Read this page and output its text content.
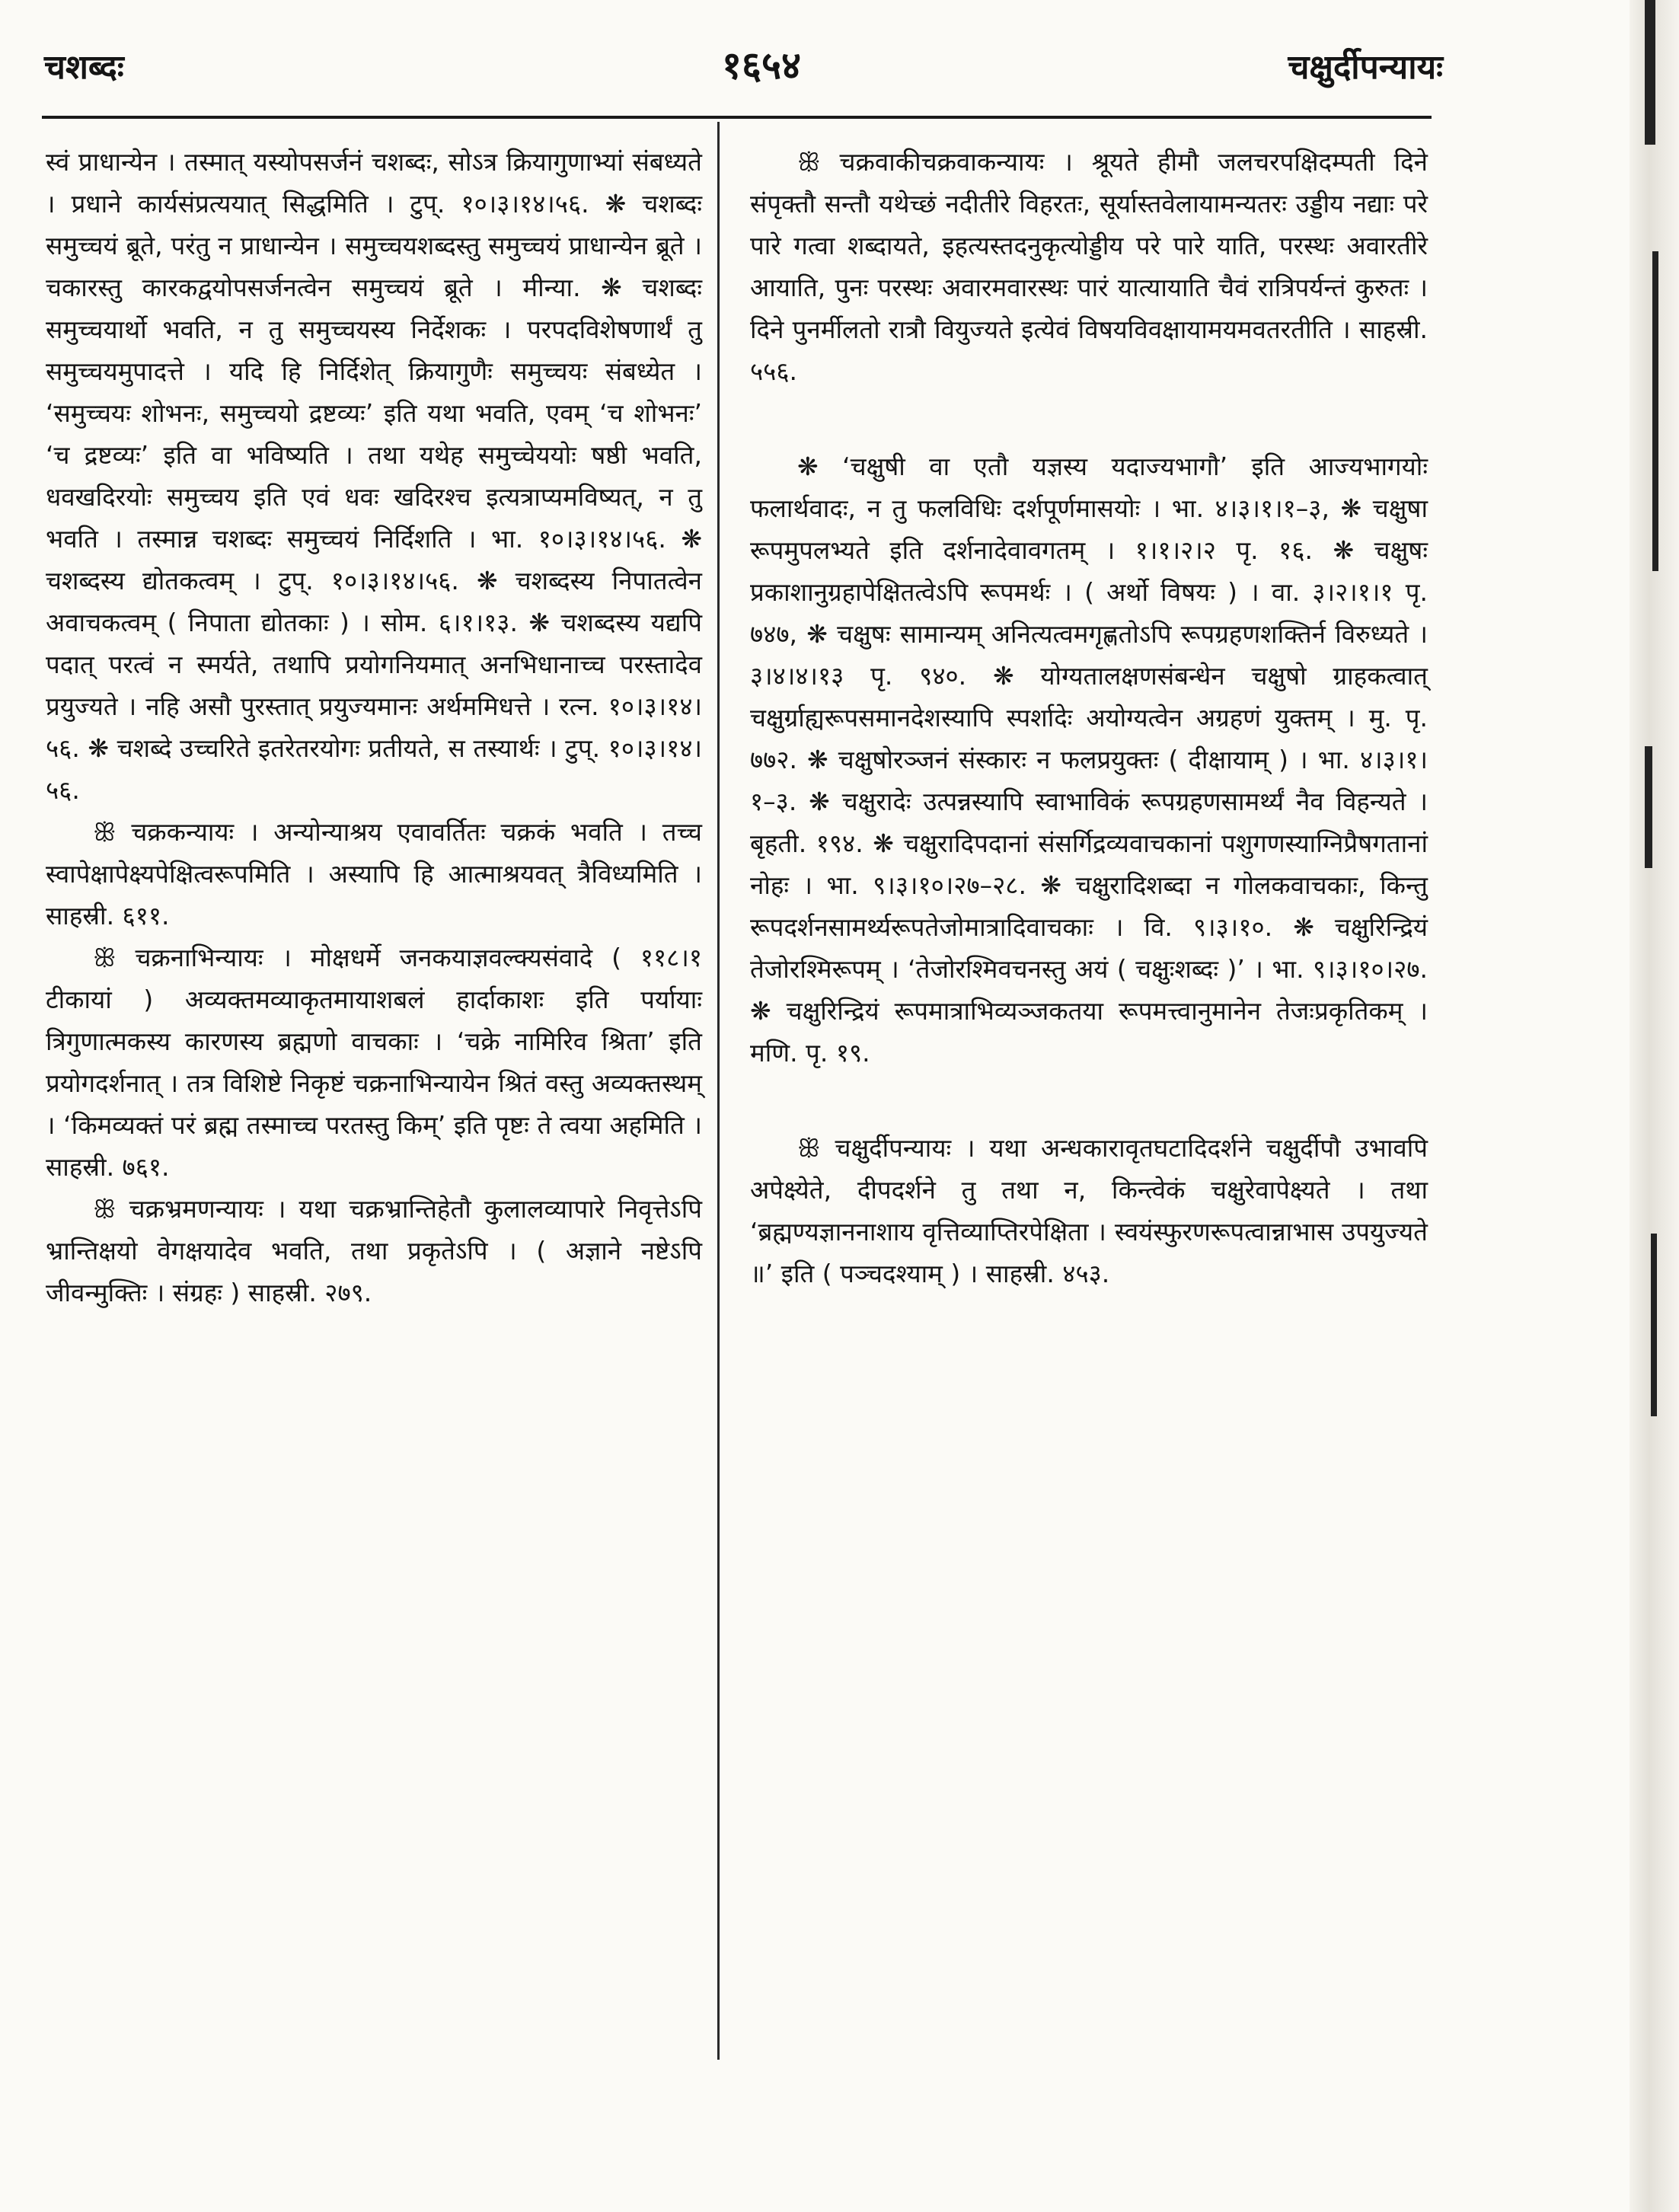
चशब्दः	१६५४	चक्षुर्दीपन्यायः

स्वं प्राधान्येन । तस्मात् यस्योपसर्जनं चशब्दः, सोऽत्र क्रियागुणाभ्यां संबध्यते । प्रधाने कार्यसंप्रत्ययात् सिद्धमिति । टुप्. १०।३।१४।५६. ❋ चशब्दः समुच्चयं ब्रूते, परंतु न प्राधान्येन । समुच्चयशब्दस्तु समुच्चयं प्राधान्येन ब्रूते । चकारस्तु कारकद्वयोपसर्जनत्वेन समुच्चयं ब्रूते । मीन्या. ❋ चशब्दः समुच्चयार्थो भवति, न तु समुच्चयस्य निर्देशकः । परपदविशेषणार्थं तु समुच्चयमुपादत्ते । यदि हि निर्दिशेत् क्रियागुणैः समुच्चयः संबध्येत । ‘समुच्चयः शोभनः, समुच्चयो द्रष्टव्यः’ इति यथा भवति, एवम् ‘च शोभनः’ ‘च द्रष्टव्यः’ इति वा भविष्यति । तथा यथेह समुच्चेययोः षष्ठी भवति, धवखदिरयोः समुच्चय इति एवं धवः खदिरश्च इत्यत्राप्यमविष्यत्, न तु भवति । तस्मान्न चशब्दः समुच्चयं निर्दिशति । भा. १०।३।१४।५६. ❋ चशब्दस्य द्योतकत्वम् । टुप्. १०।३।१४।५६. ❋ चशब्दस्य निपातत्वेन अवाचकत्वम् ( निपाता द्योतकाः ) । सोम. ६।१।१३. ❋ चशब्दस्य यद्यपि पदात् परत्वं न स्मर्यते, तथापि प्रयोगनियमात् अनभिधानाच्च परस्तादेव प्रयुज्यते । नहि असौ पुरस्तात् प्रयुज्यमानः अर्थममिधत्ते । रत्न. १०।३।१४।५६. ❋ चशब्दे उच्चरिते इतरेतरयोगः प्रतीयते, स तस्यार्थः । टुप्. १०।३।१४।५६.

ꕥ चक्रकन्यायः । अन्योन्याश्रय एवावर्तितः चक्रकं भवति । तच्च स्वापेक्षापेक्ष्यपेक्षित्वरूपमिति । अस्यापि हि आत्माश्रयवत् त्रैविध्यमिति । साहस्री. ६११.

ꕥ चक्रनाभिन्यायः । मोक्षधर्मे जनकयाज्ञवल्क्यसंवादे ( ११८।१ टीकायां ) अव्यक्तमव्याकृतमायाशबलं हार्दाकाशः इति पर्यायाः त्रिगुणात्मकस्य कारणस्य ब्रह्मणो वाचकाः । ‘चक्रे नामिरिव श्रिता’ इति प्रयोगदर्शनात् । तत्र विशिष्टे निकृष्टं चक्रनाभिन्यायेन श्रितं वस्तु अव्यक्तस्थम् । ‘किमव्यक्तं परं ब्रह्म तस्माच्च परतस्तु किम्’ इति पृष्टः ते त्वया अहमिति । साहस्री. ७६१.

ꕥ चक्रभ्रमणन्यायः । यथा चक्रभ्रान्तिहेतौ कुलालव्यापारे निवृत्तेऽपि भ्रान्तिक्षयो वेगक्षयादेव भवति, तथा प्रकृतेऽपि । ( अज्ञाने नष्टेऽपि जीवन्मुक्तिः । संग्रहः ) साहस्री. २७९.

ꕥ चक्रवाकीचक्रवाकन्यायः । श्रूयते हीमौ जलचरपक्षिदम्पती दिने संपृक्तौ सन्तौ यथेच्छं नदीतीरे विहरतः, सूर्यास्तवेलायामन्यतरः उड्डीय नद्याः परे पारे गत्वा शब्दायते, इहत्यस्तदनुकृत्योड्डीय परे पारे याति, परस्थः अवारतीरे आयाति, पुनः परस्थः अवारमवारस्थः पारं यात्यायाति चैवं रात्रिपर्यन्तं कुरुतः । दिने पुनर्मीलतो रात्रौ वियुज्यते इत्येवं विषयविवक्षायामयमवतरतीति । साहस्री. ५५६.

❋ ‘चक्षुषी वा एतौ यज्ञस्य यदाज्यभागौ’ इति आज्यभागयोः फलार्थवादः, न तु फलविधिः दर्शपूर्णमासयोः । भा. ४।३।१।१–३, ❋ चक्षुषा रूपमुपलभ्यते इति दर्शनादेवावगतम् । १।१।२।२ पृ. १६. ❋ चक्षुषः प्रकाशानुग्रहापेक्षितत्वेऽपि रूपमर्थः । ( अर्थो विषयः ) । वा. ३।२।१।१ पृ. ७४७, ❋ चक्षुषः सामान्यम् अनित्यत्वमगृह्णतोऽपि रूपग्रहणशक्तिर्न विरुध्यते । ३।४।४।१३ पृ. ९४०. ❋ योग्यतालक्षणसंबन्धेन चक्षुषो ग्राहकत्वात् चक्षुर्ग्राह्यरूपसमानदेशस्यापि स्पर्शादेः अयोग्यत्वेन अग्रहणं युक्तम् । मु. पृ. ७७२. ❋ चक्षुषोरञ्जनं संस्कारः न फलप्रयुक्तः ( दीक्षायाम् ) । भा. ४।३।१।१–३. ❋ चक्षुरादेः उत्पन्नस्यापि स्वाभाविकं रूपग्रहणसामर्थ्यं नैव विहन्यते । बृहती. १९४. ❋ चक्षुरादिपदानां संसर्गिद्रव्यवाचकानां पशुगणस्याग्निप्रैषगतानां नोहः । भा. ९।३।१०।२७–२८. ❋ चक्षुरादिशब्दा न गोलकवाचकाः, किन्तु रूपदर्शनसामर्थ्यरूपतेजोमात्रादिवाचकाः । वि. ९।३।१०. ❋ चक्षुरिन्द्रियं तेजोरश्मिरूपम् । ‘तेजोरश्मिवचनस्तु अयं ( चक्षुःशब्दः )’ । भा. ९।३।१०।२७. ❋ चक्षुरिन्द्रियं रूपमात्राभिव्यञ्जकतया रूपमत्त्वानुमानेन तेजःप्रकृतिकम् । मणि. पृ. १९.

ꕥ चक्षुर्दीपन्यायः । यथा अन्धकारावृतघटादिदर्शने चक्षुर्दीपौ उभावपि अपेक्ष्येते, दीपदर्शने तु तथा न, किन्त्वेकं चक्षुरेवापेक्ष्यते । तथा ‘ब्रह्मण्यज्ञाननाशाय वृत्तिव्याप्तिरपेक्षिता । स्वयंस्फुरणरूपत्वान्नाभास उपयुज्यते ॥’ इति ( पञ्चदश्याम् ) । साहस्री. ४५३.
